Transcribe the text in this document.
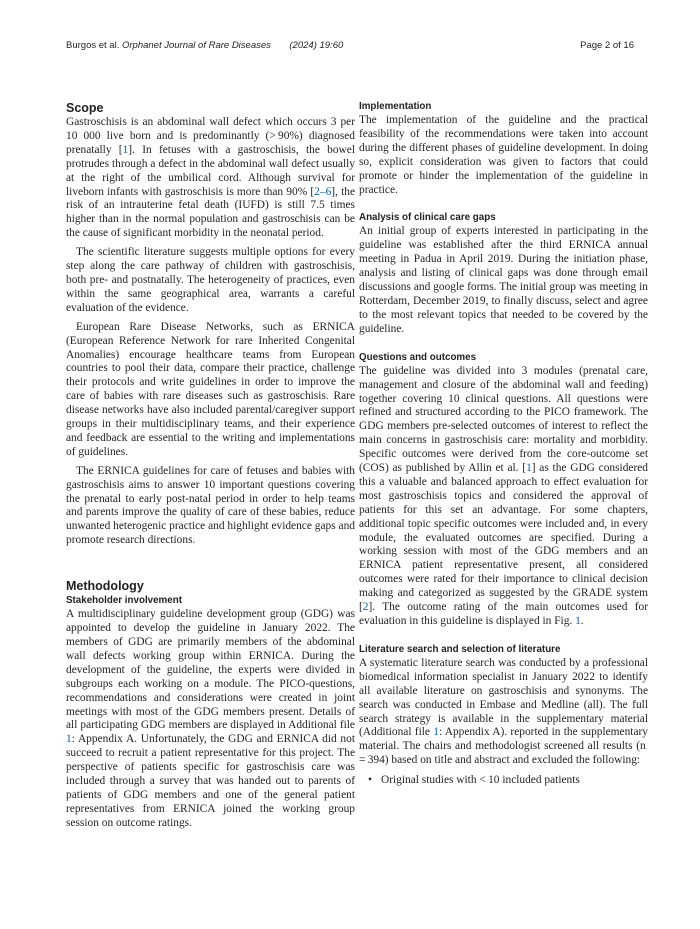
Burgos et al. Orphanet Journal of Rare Diseases (2024) 19:60	Page 2 of 16
Scope

Gastroschisis is an abdominal wall defect which occurs 3 per 10 000 live born and is predominantly (> 90%) diagnosed prenatally [1]. In fetuses with a gastroschisis, the bowel protrudes through a defect in the abdominal wall defect usually at the right of the umbilical cord. Although survival for liveborn infants with gastroschisis is more than 90% [2–6], the risk of an intrauterine fetal death (IUFD) is still 7.5 times higher than in the normal population and gastroschisis can be the cause of significant morbidity in the neonatal period.

The scientific literature suggests multiple options for every step along the care pathway of children with gastroschisis, both pre- and postnatally. The heterogeneity of practices, even within the same geographical area, warrants a careful evaluation of the evidence.

European Rare Disease Networks, such as ERNICA (European Reference Network for rare Inherited Congenital Anomalies) encourage healthcare teams from European countries to pool their data, compare their practice, challenge their protocols and write guidelines in order to improve the care of babies with rare diseases such as gastroschisis. Rare disease networks have also included parental/caregiver support groups in their multidisciplinary teams, and their experience and feedback are essential to the writing and implementations of guidelines.

The ERNICA guidelines for care of fetuses and babies with gastroschisis aims to answer 10 important questions covering the prenatal to early post-natal period in order to help teams and parents improve the quality of care of these babies, reduce unwanted heterogenic practice and highlight evidence gaps and promote research directions.

Methodology
Stakeholder involvement

A multidisciplinary guideline development group (GDG) was appointed to develop the guideline in January 2022. The members of GDG are primarily members of the abdominal wall defects working group within ERNICA. During the development of the guideline, the experts were divided in subgroups each working on a module. The PICO-questions, recommendations and considerations were created in joint meetings with most of the GDG members present. Details of all participating GDG members are displayed in Additional file 1: Appendix A. Unfortunately, the GDG and ERNICA did not succeed to recruit a patient representative for this project. The perspective of patients specific for gastroschisis care was included through a survey that was handed out to parents of patients of GDG members and one of the general patient representatives from ERNICA joined the working group session on outcome ratings.

Implementation

The implementation of the guideline and the practical feasibility of the recommendations were taken into account during the different phases of guideline development. In doing so, explicit consideration was given to factors that could promote or hinder the implementation of the guideline in practice.

Analysis of clinical care gaps

An initial group of experts interested in participating in the guideline was established after the third ERNICA annual meeting in Padua in April 2019. During the initiation phase, analysis and listing of clinical gaps was done through email discussions and google forms. The initial group was meeting in Rotterdam, December 2019, to finally discuss, select and agree to the most relevant topics that needed to be covered by the guideline.

Questions and outcomes

The guideline was divided into 3 modules (prenatal care, management and closure of the abdominal wall and feeding) together covering 10 clinical questions. All questions were refined and structured according to the PICO framework. The GDG members pre-selected outcomes of interest to reflect the main concerns in gastroschisis care: mortality and morbidity. Specific outcomes were derived from the core-outcome set (COS) as published by Allin et al. [1] as the GDG considered this a valuable and balanced approach to effect evaluation for most gastroschisis topics and considered the approval of patients for this set an advantage. For some chapters, additional topic specific outcomes were included and, in every module, the evaluated outcomes are specified. During a working session with most of the GDG members and an ERNICA patient representative present, all considered outcomes were rated for their importance to clinical decision making and categorized as suggested by the GRADE system [2]. The outcome rating of the main outcomes used for evaluation in this guideline is displayed in Fig. 1.

Literature search and selection of literature

A systematic literature search was conducted by a professional biomedical information specialist in January 2022 to identify all available literature on gastroschisis and synonyms. The search was conducted in Embase and Medline (all). The full search strategy is available in the supplementary material (Additional file 1: Appendix A). reported in the supplementary material. The chairs and methodologist screened all results (n = 394) based on title and abstract and excluded the following:

• Original studies with < 10 included patients
